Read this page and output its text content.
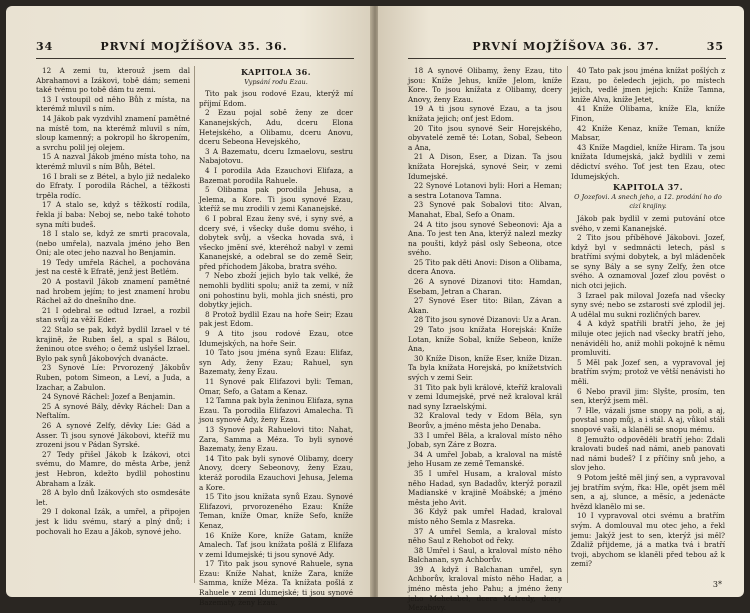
34	PRVNÍ MOJŽÍŠOVA 35. 36.

12 A zemi tu, kterouž jsem dal Abrahamovi a Izákovi, tobě dám; semeni také tvému po tobě dám tu zemi.

13 I vstoupil od něho Bůh z místa, na kterémž mluvil s ním.

14 Jákob pak vyzdvihl znamení pamětné na místě tom, na kterémž mluvil s ním, sloup kamenný; a pokropil ho škropením, a svrchu polil jej olejem.

15 A nazval Jákob jméno místa toho, na kterémž mluvil s ním Bůh, Bétel.

16 I brali se z Bétel, a bylo již nedaleko do Efraty. I porodila Ráchel, a těžkosti trpěla rodíc.

17 A stalo se, když s těžkostí rodila, řekla jí baba: Neboj se, nebo také tohoto syna míti budeš.

18 I stalo se, když ze smrti pracovala, (nebo umřela), nazvala jméno jeho Ben Oni; ale otec jeho nazval ho Benjamin.

19 Tedy umřela Ráchel, a pochována jest na cestě k Efratě, jenž jest Betlém.

20 A postavil Jákob znamení pamětné nad hrobem jejím; to jest znamení hrobu Ráchel až do dnešního dne.

21 I odebral se odtud Izrael, a rozbil stan svůj za věží Eder.

22 Stalo se pak, když bydlil Izrael v té krajině, že Ruben šel, a spal s Bálou, ženinou otce svého; o čemž uslyšel Izrael. Bylo pak synů Jákobových dvanácte.

23 Synové Líe: Prvorozený Jákobův Ruben, potom Simeon, a Leví, a Juda, a Izachar, a Zabulon.

24 Synové Ráchel: Jozef a Benjamin.

25 A synové Bály, děvky Ráchel: Dan a Neftalím.

26 A synové Zelfy, děvky Líe: Gád a Asser. Ti jsou synové Jákobovi, kteříž mu zrozeni jsou v Pádan Syrské.

27 Tedy přišel Jákob k Izákovi, otci svému, do Mamre, do města Arbe, jenž jest Hebron, kdežto bydlil pohostinu Abraham a Izák.

28 A bylo dnů Izákových sto osmdesáte let.

29 I dokonal Izák, a umřel, a připojen jest k lidu svému, starý a plný dnů; i pochovali ho Ezau a Jákob, synové jeho.

KAPITOLA 36.
Vypsání rodu Ezau.

Tito pak jsou rodové Ezau, kterýž mí příjmí Edom.

2 Ezau pojal sobě ženy ze dcer Kananejských, Adu, dceru Elona Hetejského, a Olibamu, dceru Anovu, dceru Sebeona Hevejského,

3 A Bazematu, dceru Izmaelovu, sestru Nabajotovu.

4 I porodila Ada Ezauchovi Elifaza, a Bazemat porodila Rahuele.

5 Olibama pak porodila Jehusa, a Jelema, a Kore. Ti jsou synové Ezau, kteříž se mu zrodili v zemi Kananejské.

6 I pobral Ezau ženy své, i syny své, a dcery své, i všecky duše domu svého, i dobytek svůj, a všecka hovada svá, i všecko jmění své, kteréhož nabyl v zemi Kananejské, a odebral se do země Seir, před příchodem Jákoba, bratra svého.

7 Nebo zboží jejich bylo tak velké, že nemohli bydliti spolu; aniž ta zemi, v níž oni pohostinu byli, mohla jich snésti, pro dobytky jejich.

8 Protož bydlil Ezau na hoře Seir; Ezau pak jest Edom.

9 A tito jsou rodové Ezau, otce Idumejských, na hoře Seir.

10 Tato jsou jména synů Ezau: Elifaz, syn Ady, ženy Ezau; Rahuel, syn Bazematy, ženy Ezau.

11 Synové pak Elifazovi byli: Teman, Omar, Sefo, a Gatam a Kenaz.

12 Tamna pak byla ženinou Elifaza, syna Ezau. Ta porodila Elifazovi Amalecha. Ti jsou synové Ady, ženy Ezau.

13 Synové pak Rahuelovi tito: Nahat, Zara, Samma a Méza. To byli synové Bazematy, ženy Ezau.

14 Tito pak byli synové Olibamy, dcery Anovy, dcery Sebeonovy, ženy Ezau, kteráž porodila Ezauchovi Jehusa, Jelema a Kore.

15 Tito jsou knížata synů Ezau. Synové Elifazovi, prvorozeného Ezau: Kníže Teman, kníže Omar, kníže Sefo, kníže Kenaz,

16 Kníže Kore, kníže Gatam, kníže Amalech. Tať jsou knížata pošlá z Elifaza v zemi Idumejské; ti jsou synové Ady.

17 Tito pak jsou synové Rahuele, syna Ezau: Kníže Nahat, kníže Zara, kníže Samma, kníže Méza. Ta knížata pošlá z Rahuele v zemi Idumejské; ti jsou synové Bazematy, ženy Ezau.

PRVNÍ MOJŽÍŠOVA 36. 37.	35

18 A synové Olibamy, ženy Ezau, tito jsou: Kníže Jehus, kníže Jelom, kníže Kore. To jsou knížata z Olibamy, dcery Anovy, ženy Ezau.

19 A ti jsou synové Ezau, a ta jsou knížata jejich; onť jest Edom.

20 Tito jsou synové Seir Horejského, obyvatelé země té: Lotan, Sobal, Sebeon a Ana,

21 A Dison, Eser, a Dizan. Ta jsou knížata Horejská, synové Seir, v zemi Idumejské.

22 Synové Lotanovi byli: Hori a Heman; a sestra Lotanova Tamna.

23 Synové pak Sobalovi tito: Alvan, Manahat, Ebal, Sefo a Onam.

24 A tito jsou synové Sebeonovi: Aja a Ana. To jest ten Ana, kterýž nalezl mezky na poušti, když pásl osly Sebeona, otce svého.

25 Tito pak děti Anovi: Dison a Olibama, dcera Anova.

26 A synové Dizanovi tito: Hamdan, Esebam, Jetran a Charan.

27 Synové Eser tito: Bilan, Závan a Akan.

28 Tito jsou synové Dizanovi: Uz a Aran.

29 Tato jsou knížata Horejská: Kníže Lotan, kníže Sobal, kníže Sebeon, kníže Ana,

30 Kníže Dison, kníže Eser, kníže Dizan. Ta byla knížata Horejská, po knížetstvích svých v zemi Seir.

31 Tito pak byli králové, kteříž kralovali v zemi Idumejské, prvé než kraloval král nad syny Izraelskými.

32 Kraloval tedy v Edom Běla, syn Beorův, a jméno města jeho Denaba.

33 I umřel Běla, a kraloval místo něho Jobab, syn Záre z Bozra.

34 A umřel Jobab, a kraloval na místě jeho Husam ze země Temanské.

35 I umřel Husam, a kraloval místo něho Hadad, syn Badadův, kterýž porazil Madianské v krajině Moábské; a jméno města jeho Avit.

36 Když pak umřel Hadad, kraloval místo něho Semla z Masreka.

37 A umřel Semla, a kraloval místo něho Saul z Rehobot od řeky.

38 Umřel i Saul, a kraloval místo něho Balchanan, syn Achborův.

39 A když i Balchanan umřel, syn Achborův, kraloval místo něho Hadar, a jméno města jeho Pahu; a jméno ženy jeho Mehetabel, dcera Matredy, dcery Mezabovy.

40 Tato pak jsou jména knížat pošlých z Ezau, po čeledech jejich, po místech jejich, vedlé jmen jejich: Kníže Tamna, kníže Alva, kníže Jetet,

41 Kníže Olibama, kníže Ela, kníže Finon,

42 Kníže Kenaz, kníže Teman, kníže Mabsar,

43 Kníže Magdiel, kníže Hiram. Ta jsou knížata Idumejská, jakž bydlili v zemi dědictví svého. Toť jest ten Ezau, otec Idumejských.

KAPITOLA 37.
O Jozefovi. A snech jeho, a 12. prodání ho do cizí krajiny.

Jákob pak bydlil v zemi putování otce svého, v zemi Kananejské.

2 Tito jsou příběhové Jákobovi. Jozef, když byl v sedmnácti letech, pásl s bratřími svými dobytek, a byl mládenček se syny Bály a se syny Zelfy, žen otce svého. A oznamoval Jozef zlou pověst o nich otci jejich.

3 Izrael pak miloval Jozefa nad všecky syny své; nebo se zstarosti své zplodil jej. A udělal mu sukni rozličných barev.

4 A když spatřili bratří jeho, že jej miluje otec jejich nad všecky bratří jeho, nenáviděli ho, aniž mohli pokojně k němu promluviti.

5 Měl pak Jozef sen, a vypravoval jej bratřím svým; protož ve větší nenávisti ho měli.

6 Nebo pravil jim: Slyšte, prosím, ten sen, kterýž jsem měl.

7 Hle, vázali jsme snopy na poli, a aj, povstal snop můj, a i stál. A aj, vůkol stáli snopové vaši, a klaněli se snopu mému.

8 Jemužto odpověděli bratří jeho: Zdali kralovati budeš nad námi, aneb panovati nad námi budeš? I z příčiny snů jeho, a slov jeho.

9 Potom ještě měl jiný sen, a vypravoval jej bratřím svým, řka: Hle, opět jsem měl sen, a aj, slunce, a měsíc, a jedenácte hvězd klanělo mi se.

10 I vypravoval otci svému a bratřím svým. A domlouval mu otec jeho, a řekl jemu: Jakýž jest to sen, kterýž jsi měl? Zdaliž přijdeme, já a matka tvá i bratří tvoji, abychom se klaněli před tebou až k zemi?

3*
